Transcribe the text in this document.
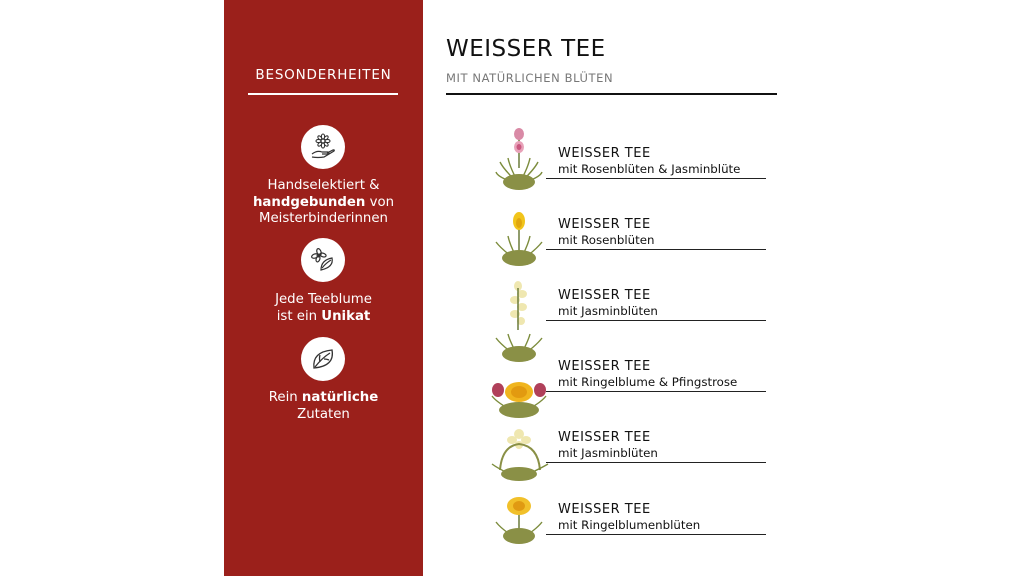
BESONDERHEITEN
Handselektiert &
handgebunden von
Meisterbinderinnen
Jede Teeblume
ist ein Unikat
Rein natürliche
Zutaten
WEISSER TEE
MIT NATÜRLICHEN BLÜTEN
WEISSER TEE
mit Rosenblüten & Jasminblüte
WEISSER TEE
mit Rosenblüten
WEISSER TEE
mit Jasminblüten
WEISSER TEE
mit Ringelblume & Pfingstrose
WEISSER TEE
mit Jasminblüten
WEISSER TEE
mit Ringelblumenblüten
